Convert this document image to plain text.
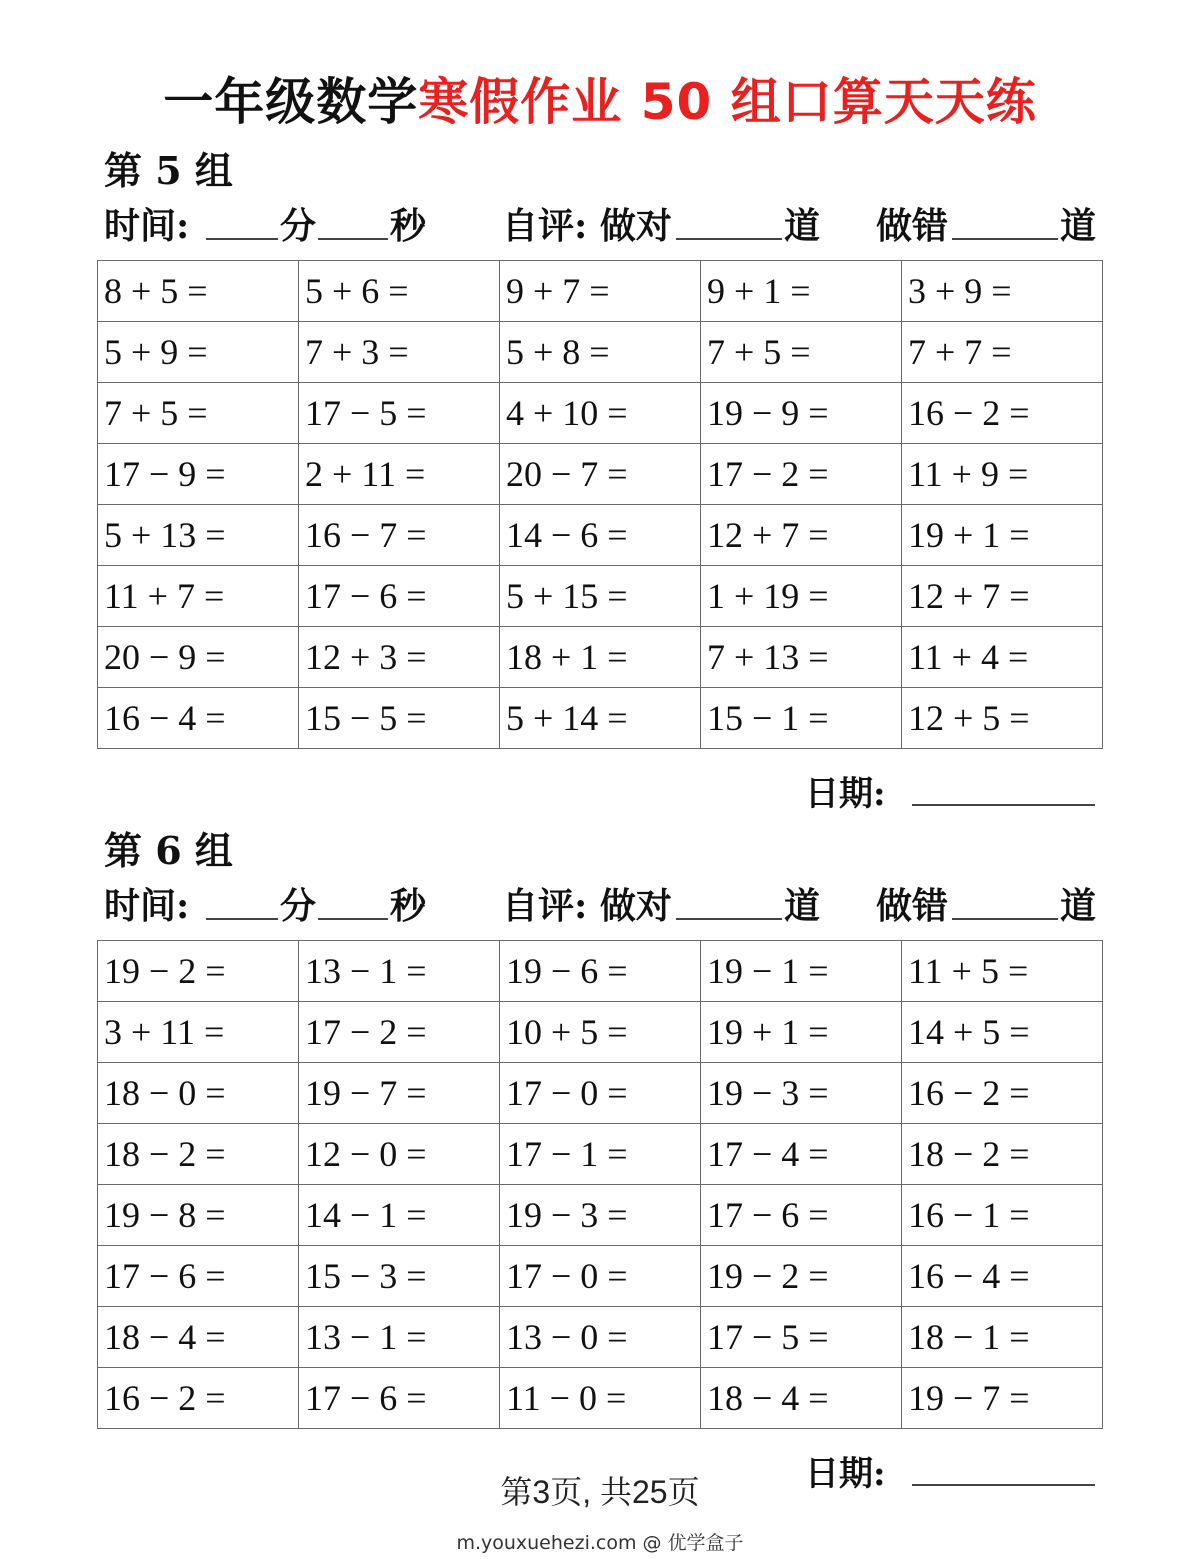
一年级数学寒假作业 50 组口算天天练
第 5 组
时间:	分 秒 自评: 做对	道 做错	道
8 + 5 =	5 + 6 =	9 + 7 =	9 + 1 =	3 + 9 =
5 + 9 =	7 + 3 =	5 + 8 =	7 + 5 =	7 + 7 =
7 + 5 =	17 − 5 =	4 + 10 =	19 − 9 =	16 − 2 =
17 − 9 =	2 + 11 =	20 − 7 =	17 − 2 =	11 + 9 =
5 + 13 =	16 − 7 =	14 − 6 =	12 + 7 =	19 + 1 =
11 + 7 =	17 − 6 =	5 + 15 =	1 + 19 =	12 + 7 =
20 − 9 =	12 + 3 =	18 + 1 =	7 + 13 =	11 + 4 =
16 − 4 =	15 − 5 =	5 + 14 =	15 − 1 =	12 + 5 =
日期:
第 6 组
时间:	分 秒 自评: 做对	道 做错	道
19 − 2 =	13 − 1 =	19 − 6 =	19 − 1 =	11 + 5 =
3 + 11 =	17 − 2 =	10 + 5 =	19 + 1 =	14 + 5 =
18 − 0 =	19 − 7 =	17 − 0 =	19 − 3 =	16 − 2 =
18 − 2 =	12 − 0 =	17 − 1 =	17 − 4 =	18 − 2 =
19 − 8 =	14 − 1 =	19 − 3 =	17 − 6 =	16 − 1 =
17 − 6 =	15 − 3 =	17 − 0 =	19 − 2 =	16 − 4 =
18 − 4 =	13 − 1 =	13 − 0 =	17 − 5 =	18 − 1 =
16 − 2 =	17 − 6 =	11 − 0 =	18 − 4 =	19 − 7 =
日期:
第3页, 共25页
m.youxuehezi.com @ 优学盒子
